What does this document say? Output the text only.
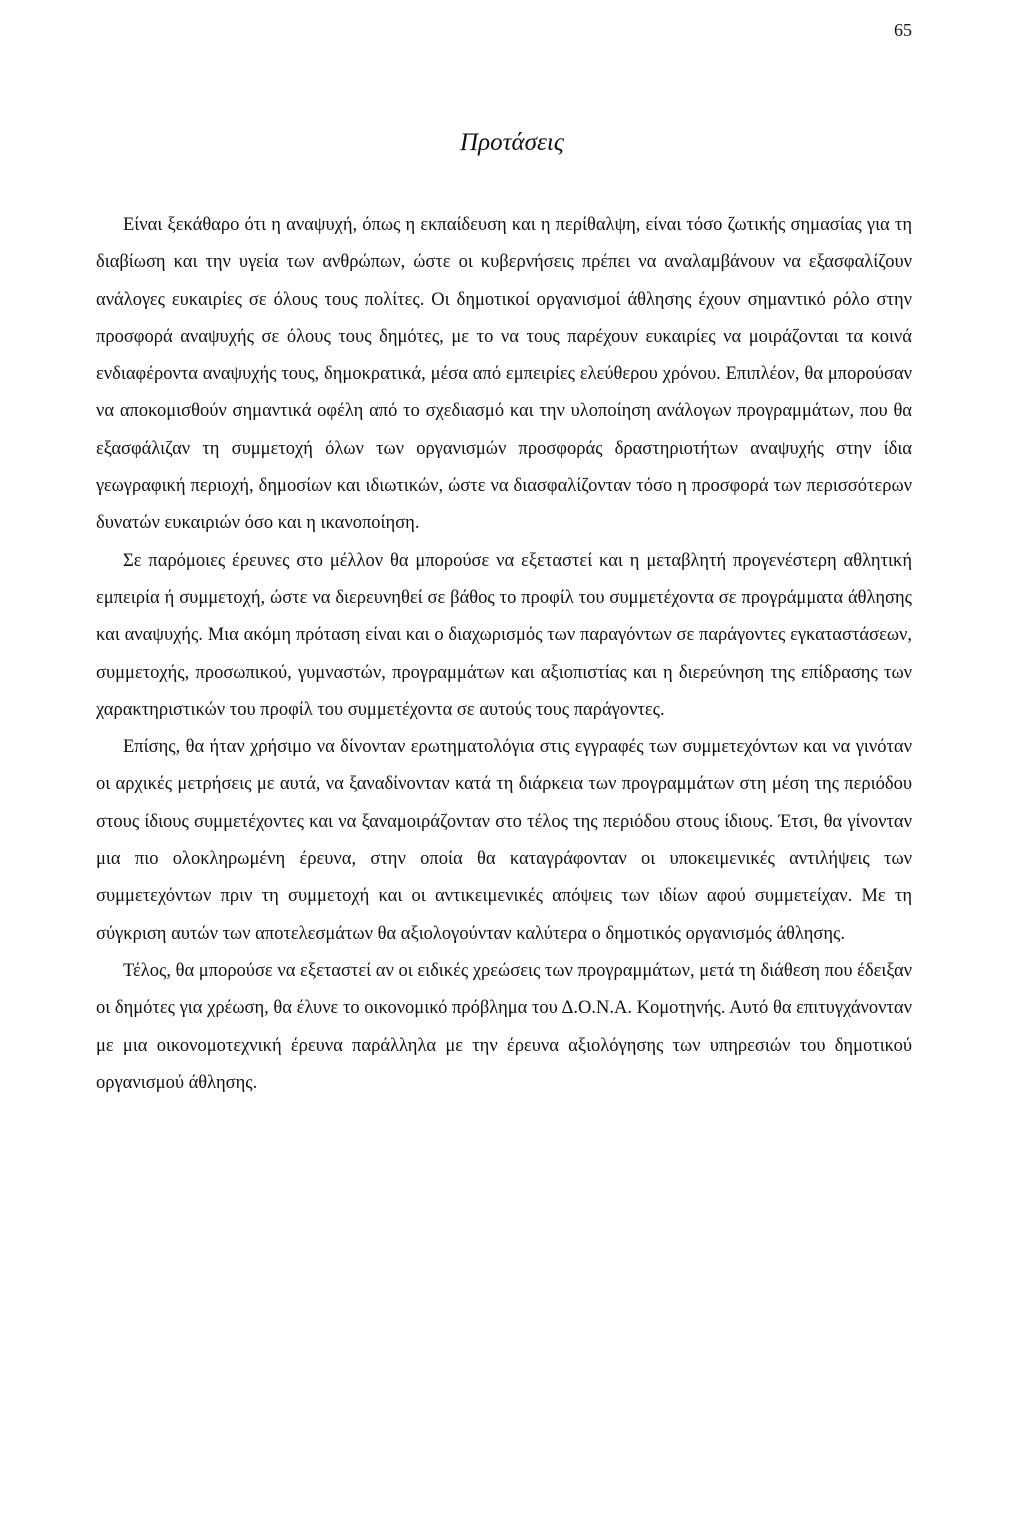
65
Προτάσεις

Είναι ξεκάθαρο ότι η αναψυχή, όπως η εκπαίδευση και η περίθαλψη, είναι τόσο ζωτικής σημασίας για τη διαβίωση και την υγεία των ανθρώπων, ώστε οι κυβερνήσεις πρέπει να αναλαμβάνουν να εξασφαλίζουν ανάλογες ευκαιρίες σε όλους τους πολίτες. Οι δημοτικοί οργανισμοί άθλησης έχουν σημαντικό ρόλο στην προσφορά αναψυχής σε όλους τους δημότες, με το να τους παρέχουν ευκαιρίες να μοιράζονται τα κοινά ενδιαφέροντα αναψυχής τους, δημοκρατικά, μέσα από εμπειρίες ελεύθερου χρόνου. Επιπλέον, θα μπορούσαν να αποκομισθούν σημαντικά οφέλη από το σχεδιασμό και την υλοποίηση ανάλογων προγραμμάτων, που θα εξασφάλιζαν τη συμμετοχή όλων των οργανισμών προσφοράς δραστηριοτήτων αναψυχής στην ίδια γεωγραφική περιοχή, δημοσίων και ιδιωτικών, ώστε να διασφαλίζονταν τόσο η προσφορά των περισσότερων δυνατών ευκαιριών όσο και η ικανοποίηση.

Σε παρόμοιες έρευνες στο μέλλον θα μπορούσε να εξεταστεί και η μεταβλητή προγενέστερη αθλητική εμπειρία ή συμμετοχή, ώστε να διερευνηθεί σε βάθος το προφίλ του συμμετέχοντα σε προγράμματα άθλησης και αναψυχής. Μια ακόμη πρόταση είναι και ο διαχωρισμός των παραγόντων σε παράγοντες εγκαταστάσεων, συμμετοχής, προσωπικού, γυμναστών, προγραμμάτων και αξιοπιστίας και η διερεύνηση της επίδρασης των χαρακτηριστικών του προφίλ του συμμετέχοντα σε αυτούς τους παράγοντες.

Επίσης, θα ήταν χρήσιμο να δίνονταν ερωτηματολόγια στις εγγραφές των συμμετεχόντων και να γινόταν οι αρχικές μετρήσεις με αυτά, να ξαναδίνονταν κατά τη διάρκεια των προγραμμάτων στη μέση της περιόδου στους ίδιους συμμετέχοντες και να ξαναμοιράζονταν στο τέλος της περιόδου στους ίδιους. Έτσι, θα γίνονταν μια πιο ολοκληρωμένη έρευνα, στην οποία θα καταγράφονταν οι υποκειμενικές αντιλήψεις των συμμετεχόντων πριν τη συμμετοχή και οι αντικειμενικές απόψεις των ιδίων αφού συμμετείχαν. Με τη σύγκριση αυτών των αποτελεσμάτων θα αξιολογούνταν καλύτερα ο δημοτικός οργανισμός άθλησης.

Τέλος, θα μπορούσε να εξεταστεί αν οι ειδικές χρεώσεις των προγραμμάτων, μετά τη διάθεση που έδειξαν οι δημότες για χρέωση, θα έλυνε το οικονομικό πρόβλημα του Δ.Ο.Ν.Α. Κομοτηνής. Αυτό θα επιτυγχάνονταν με μια οικονομοτεχνική έρευνα παράλληλα με την έρευνα αξιολόγησης των υπηρεσιών του δημοτικού οργανισμού άθλησης.
